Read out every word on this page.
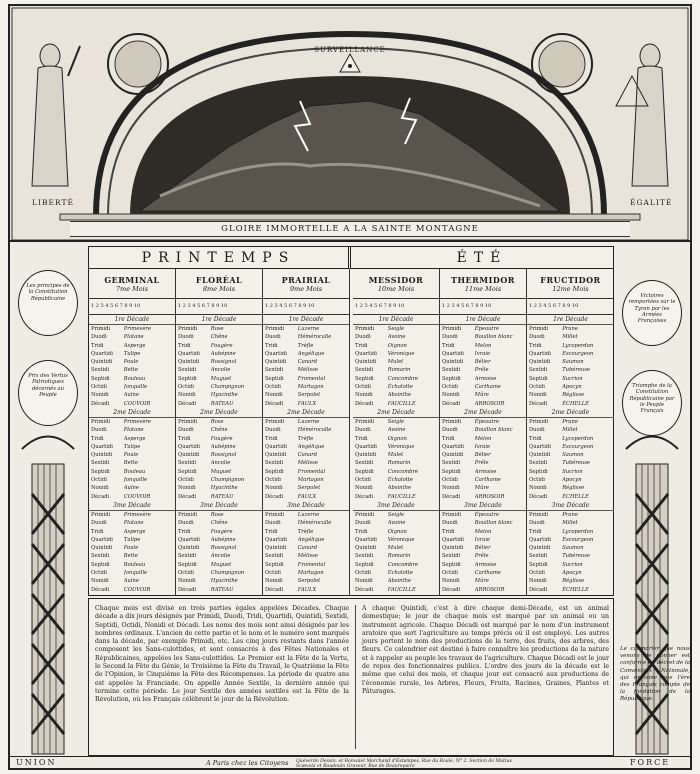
SURVEILLANCE
LIBERTÉ	ÉGALITÉ
GLOIRE IMMORTELLE A LA SAINTE MONTAGNE
Les principes de la Constitution Républicaine
Prix des Vertus Patriotiques décernés au Peuple
Victoires remportées sur le Tyran par les Armées Françaises
Triomphe de la Constitution Républicaine par le Peuple Français
PRINTEMPS	ÉTÉ
GERMINAL
7me Mois
1 2 3 4 5 6 7 8 9 10
1re Décade
Primidi	Primevère
Duodi	Platane
Tridi	Asperge
Quartidi	Tulipe
Quintidi	Poule
Sextidi	Bette
Septidi	Bouleau
Octidi	Jonquille
Nonidi	Aulne
Décadi	COUVOIR
2me Décade
Primidi	Primevère
Duodi	Platane
Tridi	Asperge
Quartidi	Tulipe
Quintidi	Poule
Sextidi	Bette
Septidi	Bouleau
Octidi	Jonquille
Nonidi	Aulne
Décadi	COUVOIR
3me Décade
Primidi	Primevère
Duodi	Platane
Tridi	Asperge
Quartidi	Tulipe
Quintidi	Poule
Sextidi	Bette
Septidi	Bouleau
Octidi	Jonquille
Nonidi	Aulne
Décadi	COUVOIR
FLORÉAL
8me Mois
1 2 3 4 5 6 7 8 9 10
1re Décade
Primidi	Rose
Duodi	Chêne
Tridi	Fougère
Quartidi	Aubépine
Quintidi	Rossignol
Sextidi	Ancolie
Septidi	Muguet
Octidi	Champignon
Nonidi	Hyacinthe
Décadi	RATEAU
2me Décade
Primidi	Rose
Duodi	Chêne
Tridi	Fougère
Quartidi	Aubépine
Quintidi	Rossignol
Sextidi	Ancolie
Septidi	Muguet
Octidi	Champignon
Nonidi	Hyacinthe
Décadi	RATEAU
3me Décade
Primidi	Rose
Duodi	Chêne
Tridi	Fougère
Quartidi	Aubépine
Quintidi	Rossignol
Sextidi	Ancolie
Septidi	Muguet
Octidi	Champignon
Nonidi	Hyacinthe
Décadi	RATEAU
PRAIRIAL
9me Mois
1 2 3 4 5 6 7 8 9 10
1re Décade
Primidi	Luzerne
Duodi	Hémérocalle
Tridi	Trèfle
Quartidi	Angélique
Quintidi	Canard
Sextidi	Mélisse
Septidi	Fromental
Octidi	Martagon
Nonidi	Serpolet
Décadi	FAULX
2me Décade
Primidi	Luzerne
Duodi	Hémérocalle
Tridi	Trèfle
Quartidi	Angélique
Quintidi	Canard
Sextidi	Mélisse
Septidi	Fromental
Octidi	Martagon
Nonidi	Serpolet
Décadi	FAULX
3me Décade
Primidi	Luzerne
Duodi	Hémérocalle
Tridi	Trèfle
Quartidi	Angélique
Quintidi	Canard
Sextidi	Mélisse
Septidi	Fromental
Octidi	Martagon
Nonidi	Serpolet
Décadi	FAULX
MESSIDOR
10me Mois
1 2 3 4 5 6 7 8 9 10
1re Décade
Primidi	Seigle
Duodi	Avoine
Tridi	Oignon
Quartidi	Véronique
Quintidi	Mulet
Sextidi	Romarin
Septidi	Concombre
Octidi	Échalotte
Nonidi	Absinthe
Décadi	FAUCILLE
2me Décade
Primidi	Seigle
Duodi	Avoine
Tridi	Oignon
Quartidi	Véronique
Quintidi	Mulet
Sextidi	Romarin
Septidi	Concombre
Octidi	Échalotte
Nonidi	Absinthe
Décadi	FAUCILLE
3me Décade
Primidi	Seigle
Duodi	Avoine
Tridi	Oignon
Quartidi	Véronique
Quintidi	Mulet
Sextidi	Romarin
Septidi	Concombre
Octidi	Échalotte
Nonidi	Absinthe
Décadi	FAUCILLE
THERMIDOR
11me Mois
1 2 3 4 5 6 7 8 9 10
1re Décade
Primidi	Épeautre
Duodi	Bouillon blanc
Tridi	Melon
Quartidi	Ivraie
Quintidi	Bélier
Sextidi	Prêle
Septidi	Armoise
Octidi	Carthame
Nonidi	Mûre
Décadi	ARROSOIR
2me Décade
Primidi	Épeautre
Duodi	Bouillon blanc
Tridi	Melon
Quartidi	Ivraie
Quintidi	Bélier
Sextidi	Prêle
Septidi	Armoise
Octidi	Carthame
Nonidi	Mûre
Décadi	ARROSOIR
3me Décade
Primidi	Épeautre
Duodi	Bouillon blanc
Tridi	Melon
Quartidi	Ivraie
Quintidi	Bélier
Sextidi	Prêle
Septidi	Armoise
Octidi	Carthame
Nonidi	Mûre
Décadi	ARROSOIR
FRUCTIDOR
12me Mois
1 2 3 4 5 6 7 8 9 10
1re Décade
Primidi	Prune
Duodi	Millet
Tridi	Lycoperdon
Quartidi	Escourgeon
Quintidi	Saumon
Sextidi	Tubéreuse
Septidi	Sucrion
Octidi	Apocyn
Nonidi	Réglisse
Décadi	ÉCHELLE
2me Décade
Primidi	Prune
Duodi	Millet
Tridi	Lycoperdon
Quartidi	Escourgeon
Quintidi	Saumon
Sextidi	Tubéreuse
Septidi	Sucrion
Octidi	Apocyn
Nonidi	Réglisse
Décadi	ÉCHELLE
3me Décade
Primidi	Prune
Duodi	Millet
Tridi	Lycoperdon
Quartidi	Escourgeon
Quintidi	Saumon
Sextidi	Tubéreuse
Septidi	Sucrion
Octidi	Apocyn
Nonidi	Réglisse
Décadi	ÉCHELLE
Chaque mois est divisé en trois parties égales appelées Décades. Chaque décade a dix jours désignés par Primidi, Duodi, Tridi, Quartidi, Quintidi, Sextidi, Septidi, Octidi, Nonidi et Décadi. Les noms des mois sont ainsi désignés par les nombres ordinaux. L'ancien de cette partie et le nom et le numéro sont marqués dans la décade, par exemple Primidi, etc. Les cinq jours restants dans l'année composent les Sans-culottides, et sont consacrés à des Fêtes Nationales et Républicaines, appelées les Sans-culottides. Le Premier est la Fête de la Vertu, le Second la Fête du Génie, le Troisième la Fête du Travail, le Quatrième la Fête de l'Opinion, le Cinquième la Fête des Récompenses. La période de quatre ans est appelée la Franciade. On appelle Année Sextile, la dernière année qui termine cette période. Le jour Sextile des années sextiles est la Fête de la Révolution, où les Français célèbrent le jour de la Révolution.
A chaque Quintidi, c'est à dire chaque demi-Décade, est un animal domestique; le jour de chaque mois est marqué par un animal ou un instrument agricole. Chaque Décadi est marqué par le nom d'un instrument aratoire que sert l'agriculture au temps précis où il est employé. Les autres jours portent le nom des productions de la terre, des fruits, des arbres, des fleurs. Ce calendrier est destiné à faire connaître les productions de la nature et à rappeler au peuple les travaux de l'agriculture. Chaque Décadi est le jour de repos des fonctionnaires publics. L'ordre des jours de la décade est le même que celui des mois, et chaque jour est consacré aux productions de l'économie rurale, les Arbres, Fleurs, Fruits, Racines, Graines, Plantes et Pâturages.
Le calendrier que nous venons de donner est conforme au décret de la Convention Nationale, qui ordonne que l'ère des Français compte de la fondation de la République.
UNION	A Paris chez les Citoyens Quéverdo Dessin. et Bonvalet Marchand d'Estampes, Rue du Roule, N° 2. Section de Mutius Scævola et Baudouin Graveur, Rue de Beaurepaire	FORCE
